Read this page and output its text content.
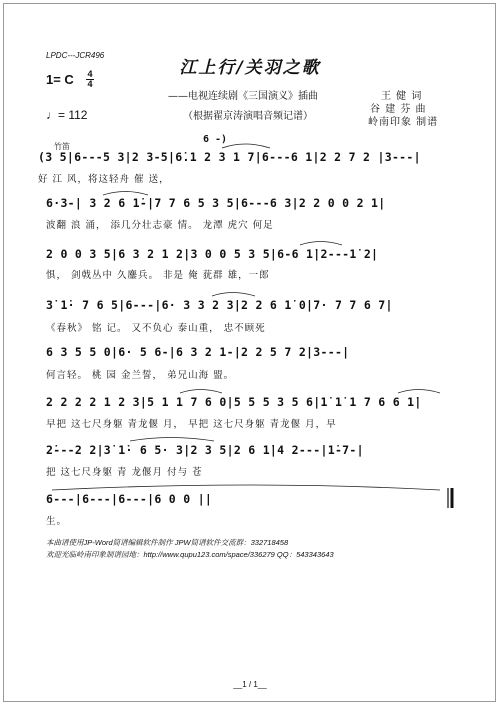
LPDC---JCR496
江上行/关羽之歌
——电视连续剧《三国演义》插曲
（根据翟京涛演唱音频记谱）
1= C 4
4
♩= 112
王 健 词
谷 建 芬 曲
岭南印象 制谱
竹笛
6 -)
(3 5|6---5 3|2 3-5|6̇.1 2 3 1 7|6---6 1|2 2 7 2 |3---|
好 江 风，将这轻舟 催 送，
6·3-| 3 2 6 1̇-|7 7 6 5 3 5|6---6 3|2 2 0 0 2 1|
波翻 浪 涌， 添几分壮志豪 情。 龙潭 虎穴 何足
2 0 0 3 5|6 3 2 1 2|3 0 0 5 3 5|6-6 1̇|2---1̇ 2|
惧， 剑戟丛中 久鏖兵。 非是 俺 莸群 雄，一郎
3̇ 1̇· 7 6 5|6---|6· 3 3 2 3|2 2 6 1̇ 0|7· 7 7 6 7|
《春秋》 铭 记。 又不负心 泰山重， 忠不顾死
6 3 5 5 0|6· 5 6-|6 3 2 1-|2 2 5 7 2|3---|
何言轻。 桃 园 金兰誓， 弟兄山海 盟。
2 2 2 2 1 2 3|5 1 1 7 6 0|5 5 5 3 5 6|1̇ 1̇ 1 7 6 6 1̇|
早把 这七尺身躯 青龙偃 月， 早把 这七尺身躯 青龙偃 月，早
2̇---2 2|3̇ 1̇· 6 5· 3|2 3 5|2 6 1̇|4 2---|1̇-7-|
把 这七尺身躯 青 龙偃月 付与 苍
6---|6---|6---|6 0 0 ||
生。
本曲谱使用JP-Word简谱编辑软件制作 JPW简谱软件交流群：332718458
欢迎光临岭南印象制谱园地：http://www.qupu123.com/space/336279 QQ：543343643
__1 / 1__
